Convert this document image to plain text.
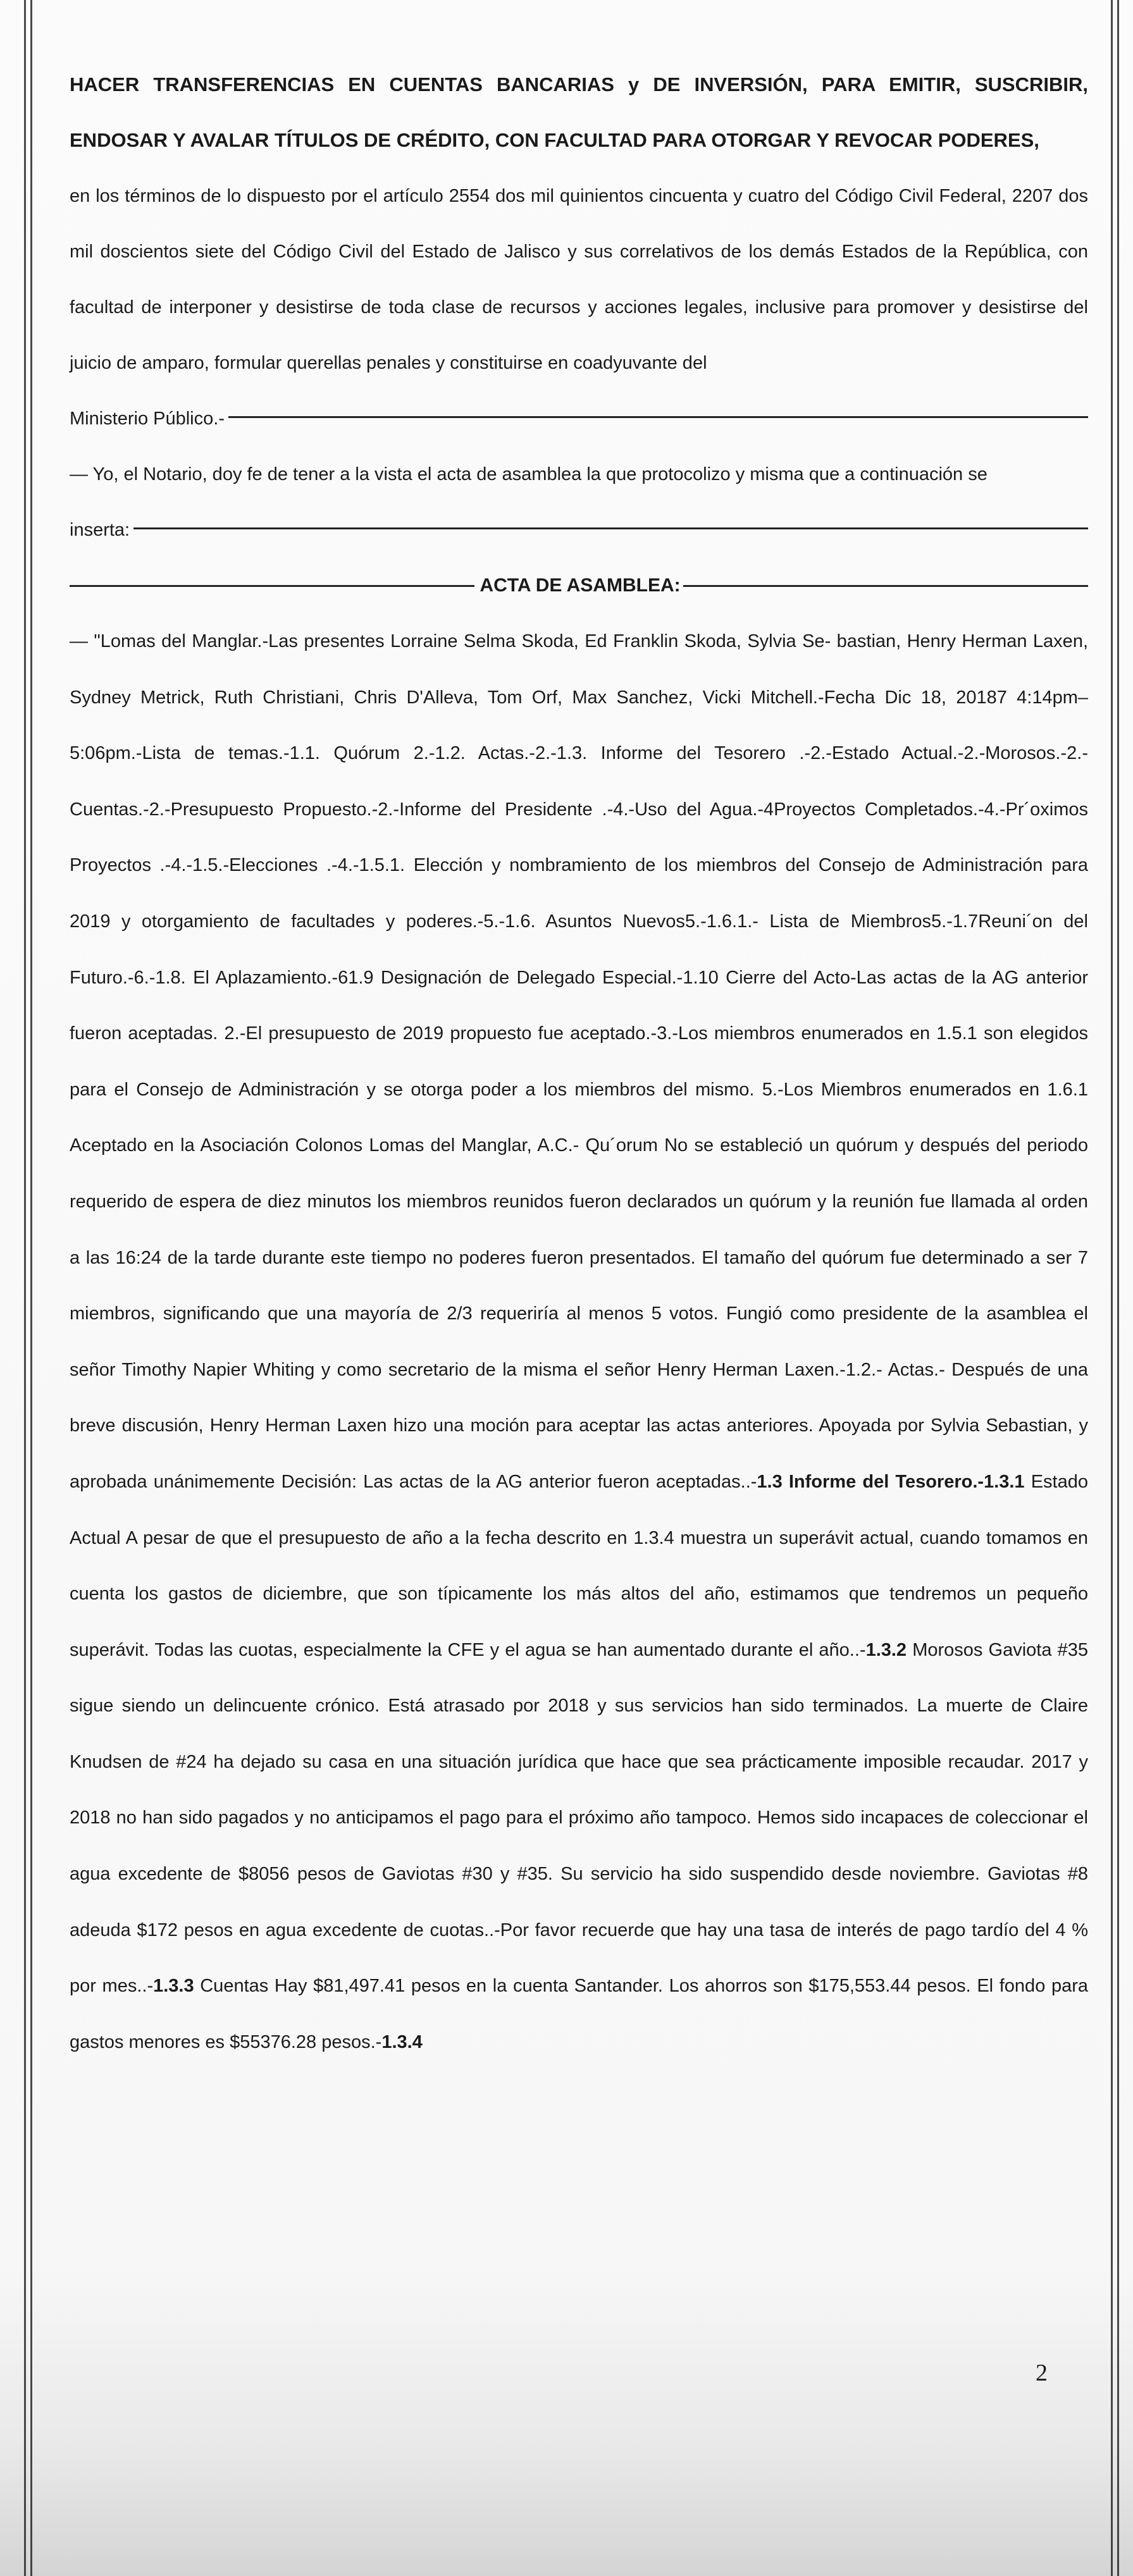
HACER TRANSFERENCIAS EN CUENTAS BANCARIAS y DE INVERSIÓN, PARA EMITIR, SUSCRIBIR, ENDOSAR Y AVALAR TÍTULOS DE CRÉDITO, CON FACULTAD PARA OTORGAR Y REVOCAR PODERES,

en los términos de lo dispuesto por el artículo 2554 dos mil quinientos cincuenta y cuatro del Código Civil Federal, 2207 dos mil doscientos siete del Código Civil del Estado de Jalisco y sus correlativos de los demás Estados de la República, con facultad de interponer y desistirse de toda clase de recursos y acciones legales, inclusive para promover y desistirse del juicio de amparo, formular querellas penales y constituirse en coadyuvante del

Ministerio Público.-

— Yo, el Notario, doy fe de tener a la vista el acta de asamblea la que protocolizo y misma que a continuación se

inserta:
ACTA DE ASAMBLEA:

— "Lomas del Manglar.-Las presentes Lorraine Selma Skoda, Ed Franklin Skoda, Sylvia Se- bastian, Henry Herman Laxen, Sydney Metrick, Ruth Christiani, Chris D'Alleva, Tom Orf, Max Sanchez, Vicki Mitchell.-Fecha Dic 18, 20187 4:14pm–5:06pm.-Lista de temas.-1.1. Quórum 2.-1.2. Actas.-2.-1.3. Informe del Tesorero .-2.-Estado Actual.-2.-Morosos.-2.-Cuentas.-2.-Presupuesto Propuesto.-2.-Informe del Presidente .-4.-Uso del Agua.-4Proyectos Completados.-4.-Pr´oximos Proyectos .-4.-1.5.-Elecciones .-4.-1.5.1. Elección y nombramiento de los miembros del Consejo de Administración para 2019 y otorgamiento de facultades y poderes.-5.-1.6. Asuntos Nuevos5.-1.6.1.- Lista de Miembros5.-1.7Reuni´on del Futuro.-6.-1.8. El Aplazamiento.-61.9 Designación de Delegado Especial.-1.10 Cierre del Acto-Las actas de la AG anterior fueron aceptadas. 2.-El presupuesto de 2019 propuesto fue aceptado.-3.-Los miembros enumerados en 1.5.1 son elegidos para el Consejo de Administración y se otorga poder a los miembros del mismo. 5.-Los Miembros enumerados en 1.6.1 Aceptado en la Asociación Colonos Lomas del Manglar, A.C.- Qu´orum No se estableció un quórum y después del periodo requerido de espera de diez minutos los miembros reunidos fueron declarados un quórum y la reunión fue llamada al orden a las 16:24 de la tarde durante este tiempo no poderes fueron presentados. El tamaño del quórum fue determinado a ser 7 miembros, significando que una mayoría de 2/3 requeriría al menos 5 votos. Fungió como presidente de la asamblea el señor Timothy Napier Whiting y como secretario de la misma el señor Henry Herman Laxen.-1.2.- Actas.- Después de una breve discusión, Henry Herman Laxen hizo una moción para aceptar las actas anteriores. Apoyada por Sylvia Sebastian, y aprobada unánimemente Decisión: Las actas de la AG anterior fueron aceptadas..-1.3 Informe del Tesorero.-1.3.1 Estado Actual A pesar de que el presupuesto de año a la fecha descrito en 1.3.4 muestra un superávit actual, cuando tomamos en cuenta los gastos de diciembre, que son típicamente los más altos del año, estimamos que tendremos un pequeño superávit. Todas las cuotas, especialmente la CFE y el agua se han aumentado durante el año..-1.3.2 Morosos Gaviota #35 sigue siendo un delincuente crónico. Está atrasado por 2018 y sus servicios han sido terminados. La muerte de Claire Knudsen de #24 ha dejado su casa en una situación jurídica que hace que sea prácticamente imposible recaudar. 2017 y 2018 no han sido pagados y no anticipamos el pago para el próximo año tampoco. Hemos sido incapaces de coleccionar el agua excedente de $8056 pesos de Gaviotas #30 y #35. Su servicio ha sido suspendido desde noviembre. Gaviotas #8 adeuda $172 pesos en agua excedente de cuotas..-Por favor recuerde que hay una tasa de interés de pago tardío del 4 % por mes..-1.3.3 Cuentas Hay $81,497.41 pesos en la cuenta Santander. Los ahorros son $175,553.44 pesos. El fondo para gastos menores es $55376.28 pesos.-1.3.4

2
